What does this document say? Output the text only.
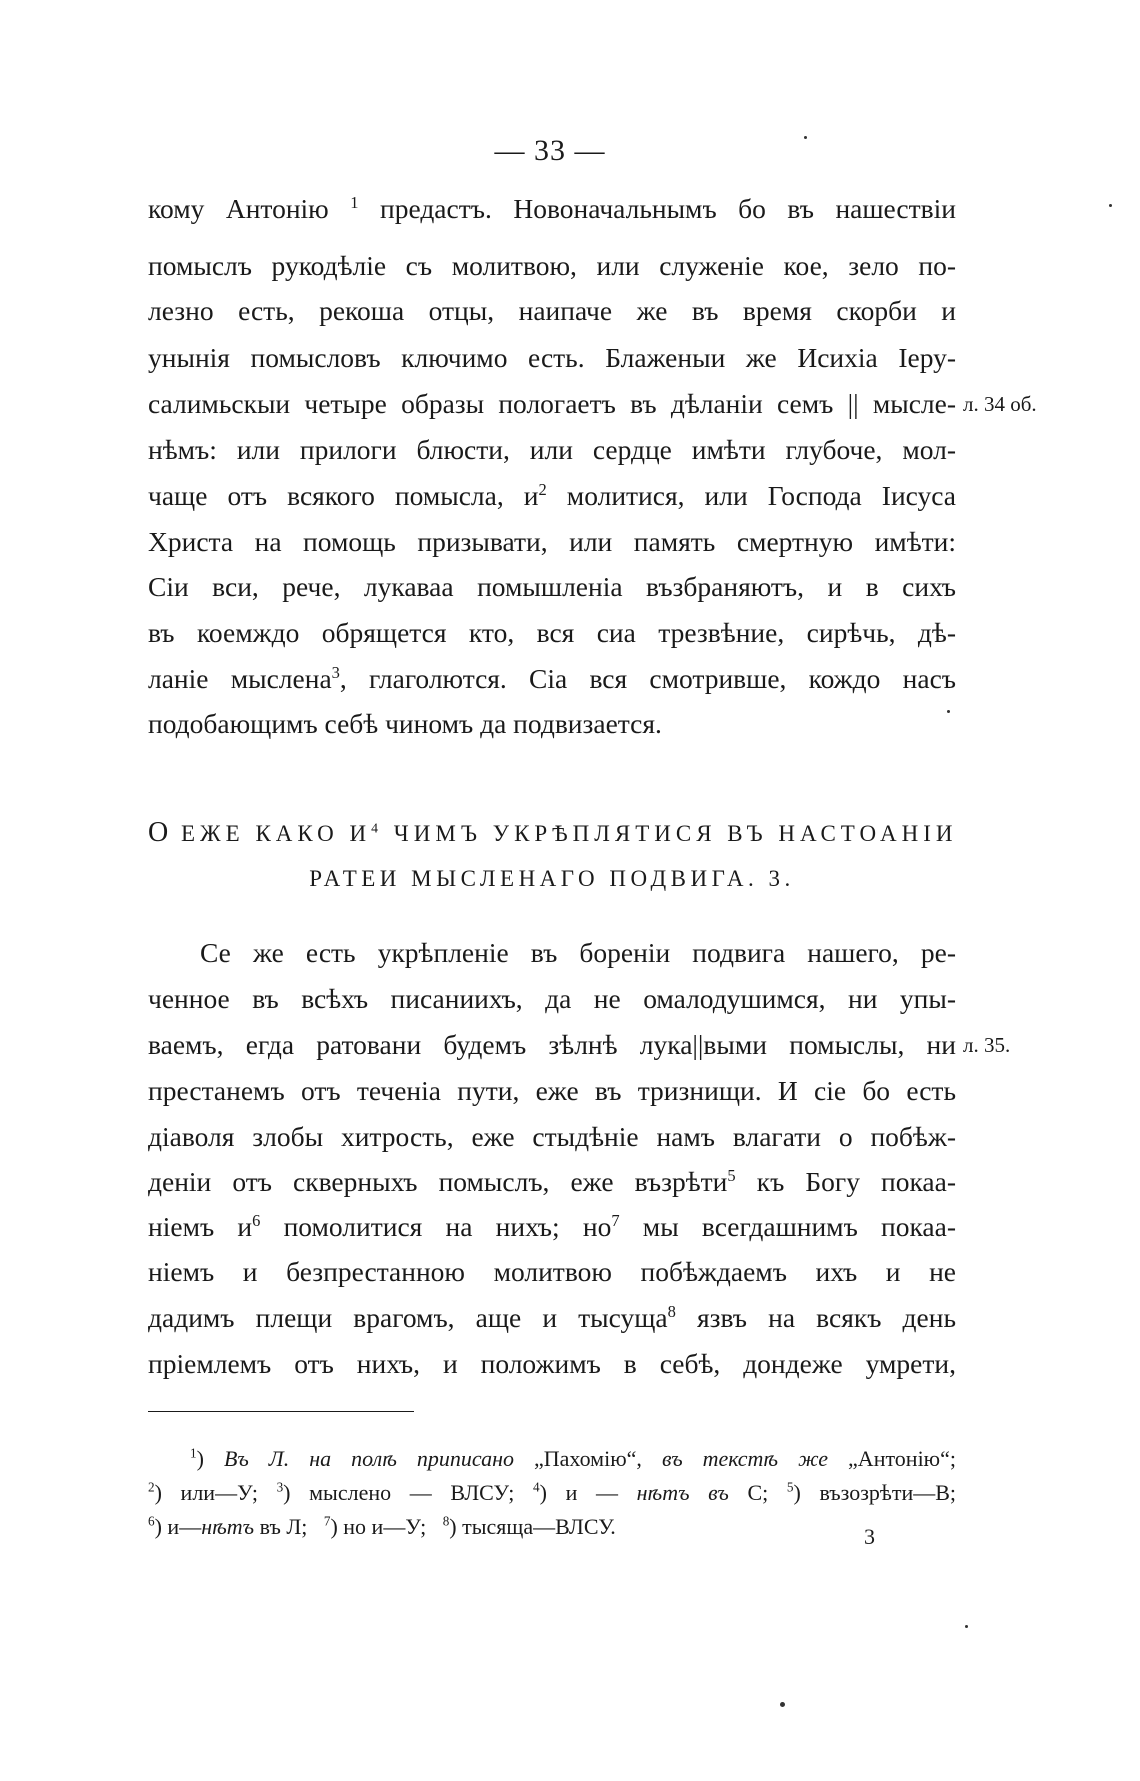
— 33 —
кому Антонію $^1$ предастъ. Новоначальнымъ бо въ нашествіи
помыслъ рукодѣліе съ молитвою, или служеніе кое, зело по-
лезно есть, рекоша отцы, наипаче же въ время скорби и
унынія помысловъ ключимо есть. Блаженыи же Исихіа Іеру-
салимьскыи четыре образы пологаетъ въ дѣланіи семъ || мысле-
нѣмъ: или прилоги блюсти, или сердце имѣти глубоче, мол-
чаще отъ всякого помысла, $и^2$ молитися, или Господа Іисуса
Христа на помощь призывати, или память смертную имѣти:
Сіи вси, рече, лукаваа помышленіа възбраняютъ, и в сихъ
въ коемждо обрящется кто, вся сиа трезвѣние, сирѣчь, дѣ-
ланіе мыслена$^3$, глаголются. Сіа вся смотривше, кождо насъ
подобающимъ себѣ чиномъ да подвизается.
л. 34 об.
О ЕЖЕ КАКО $И^4$ ЧИМЪ УКРѢПЛЯТИСЯ ВЪ НАСТОАНІИ
РАТЕИ МЫСЛЕНАГО ПОДВИГА. 3.
Се же есть укрѣпленіе въ бореніи подвига нашего, ре-
ченное въ всѣхъ писаниихъ, да не омалодушимся, ни упы-
ваемъ, егда ратовани будемъ зѣлнѣ лука||выми помыслы, ни
престанемъ отъ теченіа пути, еже въ тризнищи. И сіе бо есть
діаволя злобы хитрость, еже стыдѣніе намъ влагати о побѣж-
деніи отъ скверныхъ помыслъ, еже възрѣти$^5$ къ Богу покаа-
ніемъ $и^6$ помолитися на нихъ; $но^7$ мы всегдашнимъ покаа-
ніемъ и безпрестанною молитвою побѣждаемъ ихъ и не
дадимъ плещи врагомъ, аще и тысуща$^8$ язвъ на всякъ день
пріемлемъ отъ нихъ, и положимъ в себѣ, дондеже умрети,
л. 35.
$^1$) Въ Л. на полѣ приписано „Пахомію“, въ текстѣ же „Антонію“;
$^2$) или—У; $^3$) мыслено — ВЛСУ; $^4$) и — нѣтъ въ С; $^5$) възозрѣти—В;
$^6$) и—нѣтъ въ Л; $^7$) но и—У; $^8$) тысяща—ВЛСУ.	3
